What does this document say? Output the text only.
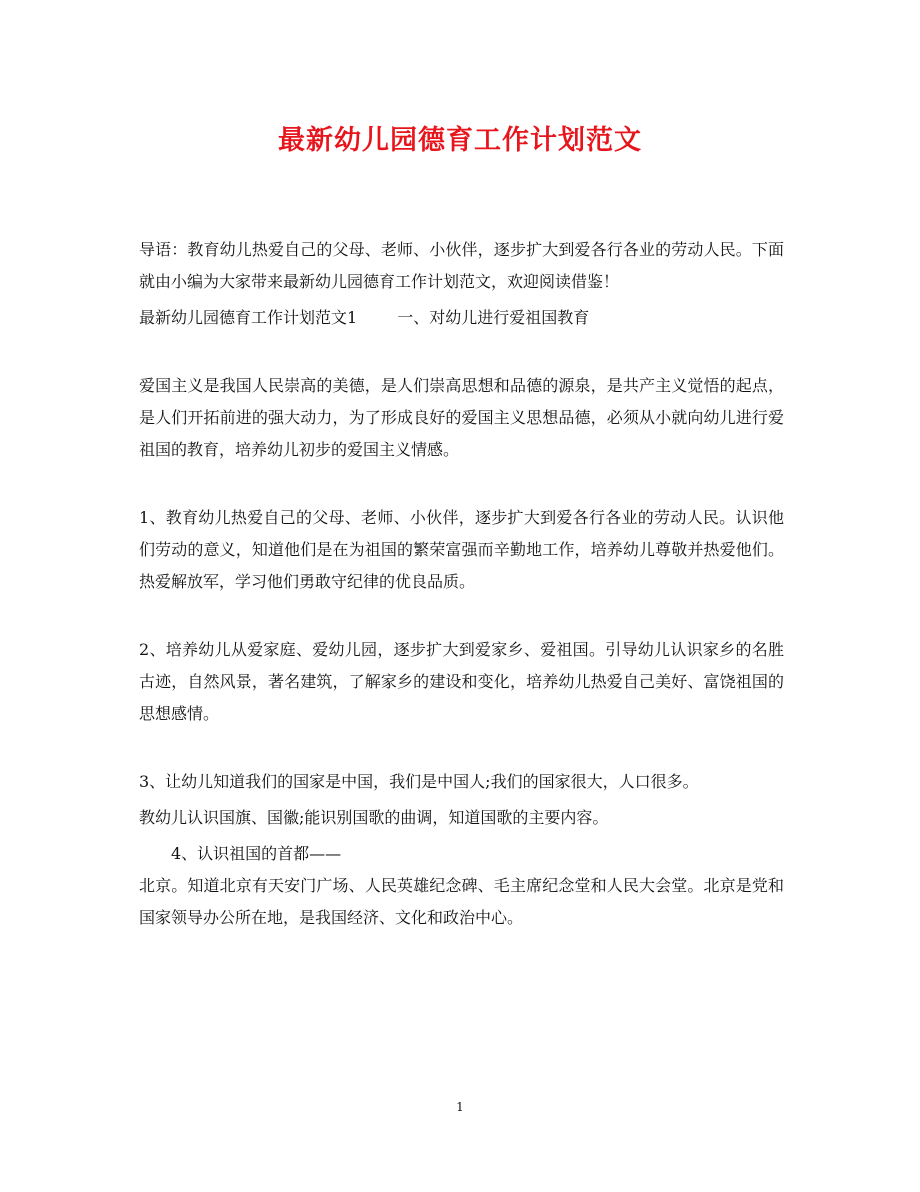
最新幼儿园德育工作计划范文

导语：教育幼儿热爱自己的父母、老师、小伙伴，逐步扩大到爱各行各业的劳动人民。下面就由小编为大家带来最新幼儿园德育工作计划范文，欢迎阅读借鉴！

最新幼儿园德育工作计划范文1	一、对幼儿进行爱祖国教育

爱国主义是我国人民崇高的美德，是人们崇高思想和品德的源泉，是共产主义觉悟的起点，是人们开拓前进的强大动力，为了形成良好的爱国主义思想品德，必须从小就向幼儿进行爱祖国的教育，培养幼儿初步的爱国主义情感。

1、教育幼儿热爱自己的父母、老师、小伙伴，逐步扩大到爱各行各业的劳动人民。认识他们劳动的意义，知道他们是在为祖国的繁荣富强而辛勤地工作，培养幼儿尊敬并热爱他们。热爱解放军，学习他们勇敢守纪律的优良品质。

2、培养幼儿从爱家庭、爱幼儿园，逐步扩大到爱家乡、爱祖国。引导幼儿认识家乡的名胜古迹，自然风景，著名建筑，了解家乡的建设和变化，培养幼儿热爱自己美好、富饶祖国的思想感情。

3、让幼儿知道我们的国家是中国，我们是中国人;我们的国家很大，人口很多。

教幼儿认识国旗、国徽;能识别国歌的曲调，知道国歌的主要内容。

4、认识祖国的首都——

北京。知道北京有天安门广场、人民英雄纪念碑、毛主席纪念堂和人民大会堂。北京是党和国家领导办公所在地，是我国经济、文化和政治中心。

1
